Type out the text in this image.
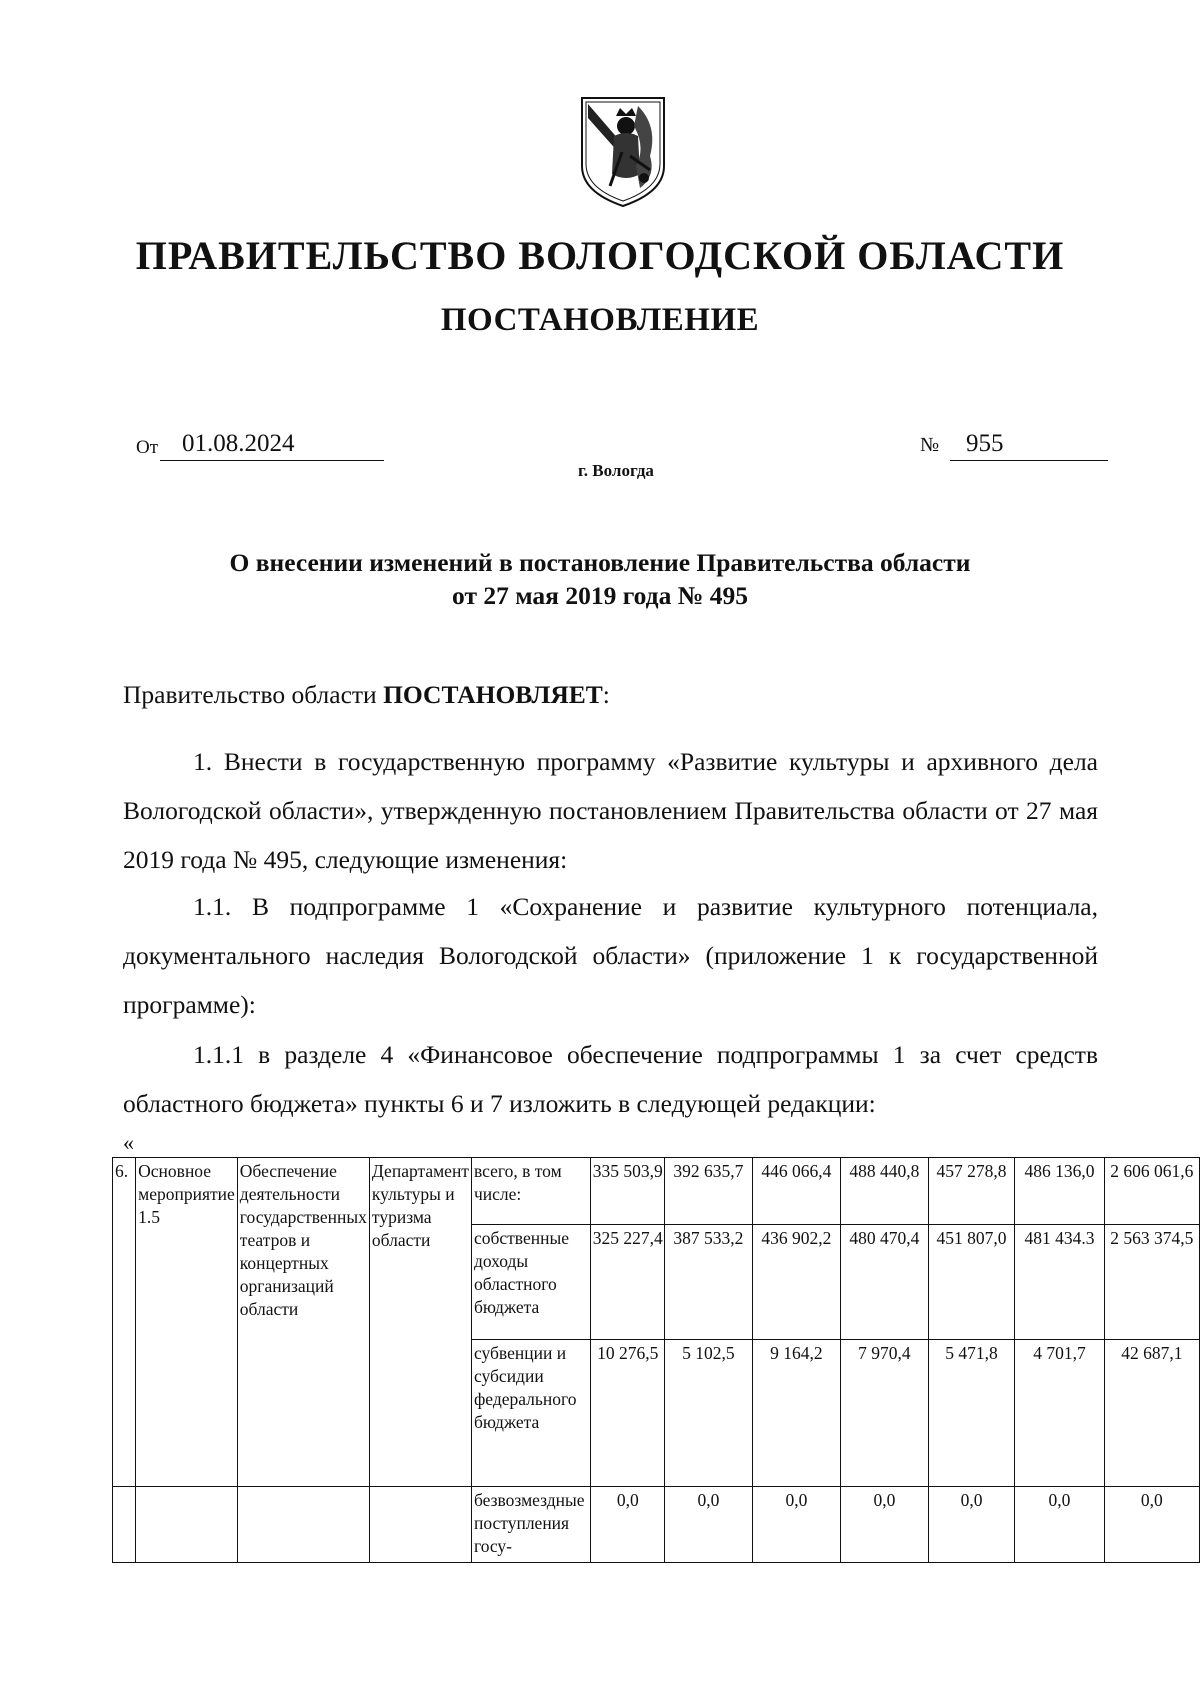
ПРАВИТЕЛЬСТВО ВОЛОГОДСКОЙ ОБЛАСТИ
ПОСТАНОВЛЕНИЕ
От 01.08.2024	№	955
г. Вологда
О внесении изменений в постановление Правительства области
от 27 мая 2019 года № 495
Правительство области ПОСТАНОВЛЯЕТ:
1. Внести в государственную программу «Развитие культуры и архивного дела Вологодской области», утвержденную постановлением Правительства области от 27 мая 2019 года № 495, следующие изменения:
1.1. В подпрограмме 1 «Сохранение и развитие культурного потенциала, документального наследия Вологодской области» (приложение 1 к государственной программе):
1.1.1 в разделе 4 «Финансовое обеспечение подпрограммы 1 за счет средств областного бюджета» пункты 6 и 7 изложить в следующей редакции:
«
6.	Основное мероприятие 1.5	Обеспечение деятельности государственных театров и концертных организаций области	Департамент культуры и туризма области	всего, в том числе:	335 503,9	392 635,7	446 066,4	488 440,8	457 278,8	486 136,0	2 606 061,6
				собственные доходы областного бюджета	325 227,4	387 533,2	436 902,2	480 470,4	451 807,0	481 434.3	2 563 374,5
				субвенции и субсидии федерального бюджета	10 276,5	5 102,5	9 164,2	7 970,4	5 471,8	4 701,7	42 687,1
				безвозмездные поступления госу-	0,0	0,0	0,0	0,0	0,0	0,0	0,0
